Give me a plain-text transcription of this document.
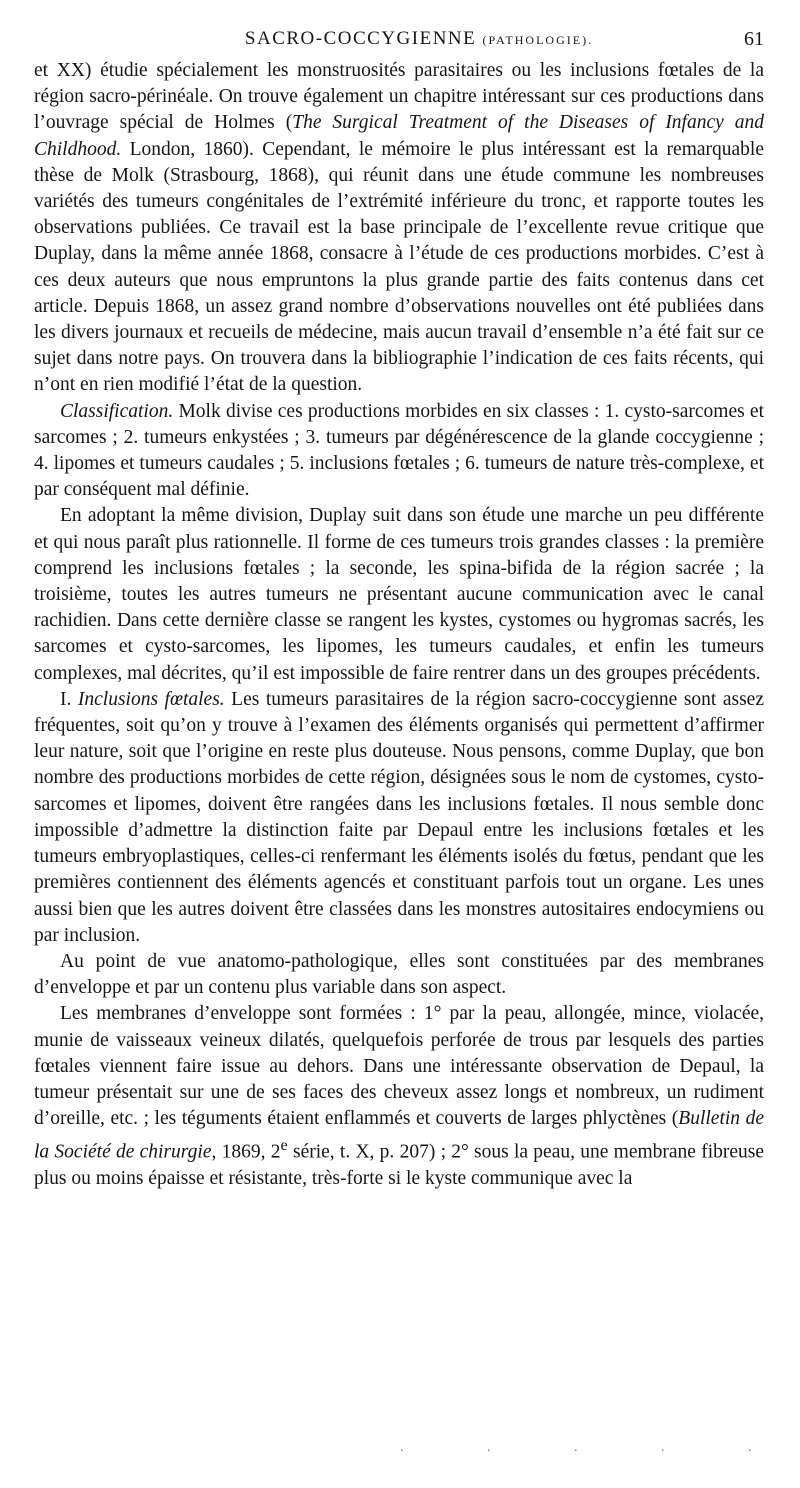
SACRO-COCCYGIENNE (PATHOLOGIE).	61

et XX) étudie spécialement les monstruosités parasitaires ou les inclusions fœtales de la région sacro-périnéale. On trouve également un chapitre intéressant sur ces productions dans l’ouvrage spécial de Holmes (The Surgical Treatment of the Diseases of Infancy and Childhood. London, 1860). Cependant, le mémoire le plus intéressant est la remarquable thèse de Molk (Strasbourg, 1868), qui réunit dans une étude commune les nombreuses variétés des tumeurs congénitales de l’extrémité inférieure du tronc, et rapporte toutes les observations publiées. Ce travail est la base principale de l’excellente revue critique que Duplay, dans la même année 1868, consacre à l’étude de ces productions morbides. C’est à ces deux auteurs que nous empruntons la plus grande partie des faits contenus dans cet article. Depuis 1868, un assez grand nombre d’observations nouvelles ont été publiées dans les divers journaux et recueils de médecine, mais aucun travail d’ensemble n’a été fait sur ce sujet dans notre pays. On trouvera dans la bibliographie l’indication de ces faits récents, qui n’ont en rien modifié l’état de la question.

Classification. Molk divise ces productions morbides en six classes : 1. cysto-sarcomes et sarcomes ; 2. tumeurs enkystées ; 3. tumeurs par dégénérescence de la glande coccygienne ; 4. lipomes et tumeurs caudales ; 5. inclusions fœtales ; 6. tumeurs de nature très-complexe, et par conséquent mal définie.

En adoptant la même division, Duplay suit dans son étude une marche un peu différente et qui nous paraît plus rationnelle. Il forme de ces tumeurs trois grandes classes : la première comprend les inclusions fœtales ; la seconde, les spina-bifida de la région sacrée ; la troisième, toutes les autres tumeurs ne présentant aucune communication avec le canal rachidien. Dans cette dernière classe se rangent les kystes, cystomes ou hygromas sacrés, les sarcomes et cysto-sarcomes, les lipomes, les tumeurs caudales, et enfin les tumeurs complexes, mal décrites, qu’il est impossible de faire rentrer dans un des groupes précédents.

I. Inclusions fœtales. Les tumeurs parasitaires de la région sacro-coccygienne sont assez fréquentes, soit qu’on y trouve à l’examen des éléments organisés qui permettent d’affirmer leur nature, soit que l’origine en reste plus douteuse. Nous pensons, comme Duplay, que bon nombre des productions morbides de cette région, désignées sous le nom de cystomes, cysto-sarcomes et lipomes, doivent être rangées dans les inclusions fœtales. Il nous semble donc impossible d’admettre la distinction faite par Depaul entre les inclusions fœtales et les tumeurs embryoplastiques, celles-ci renfermant les éléments isolés du fœtus, pendant que les premières contiennent des éléments agencés et constituant parfois tout un organe. Les unes aussi bien que les autres doivent être classées dans les monstres autositaires endocymiens ou par inclusion.

Au point de vue anatomo-pathologique, elles sont constituées par des membranes d’enveloppe et par un contenu plus variable dans son aspect.

Les membranes d’enveloppe sont formées : 1° par la peau, allongée, mince, violacée, munie de vaisseaux veineux dilatés, quelquefois perforée de trous par lesquels des parties fœtales viennent faire issue au dehors. Dans une intéressante observation de Depaul, la tumeur présentait sur une de ses faces des cheveux assez longs et nombreux, un rudiment d’oreille, etc. ; les téguments étaient enflammés et couverts de larges phlyctènes (Bulletin de la Société de chirurgie, 1869, 2e série, t. X, p. 207) ; 2° sous la peau, une membrane fibreuse plus ou moins épaisse et résistante, très-forte si le kyste communique avec la

. . . . .
